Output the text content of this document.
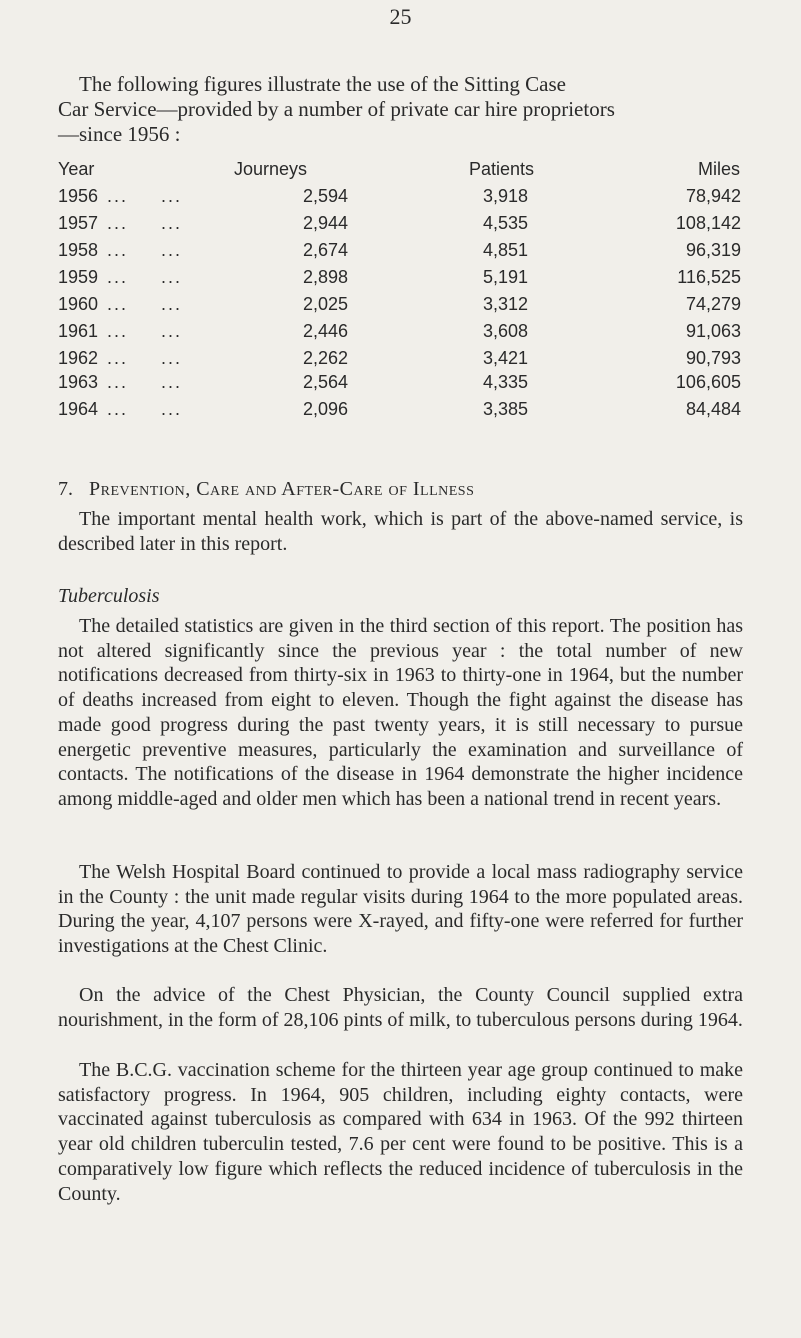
25

The following figures illustrate the use of the Sitting Case
Car Service—provided by a number of private car hire proprietors
—since 1956 :

Year	Journeys	Patients	Miles
1956 ... ...	2,594	3,918	78,942
1957 ... ...	2,944	4,535	108,142
1958 ... ...	2,674	4,851	96,319
1959 ... ...	2,898	5,191	116,525
1960 ... ...	2,025	3,312	74,279
1961 ... ...	2,446	3,608	91,063
1962 ... ...	2,262	3,421	90,793
1963 ... ...	2,564	4,335	106,605
1964 ... ...	2,096	3,385	84,484
7. Prevention, Care and After-Care of Illness

The important mental health work, which is part of the above-named service, is described later in this report.

Tuberculosis

The detailed statistics are given in the third section of this report. The position has not altered significantly since the previous year : the total number of new notifications decreased from thirty-six in 1963 to thirty-one in 1964, but the number of deaths increased from eight to eleven. Though the fight against the disease has made good progress during the past twenty years, it is still necessary to pursue energetic preventive measures, particularly the examination and surveillance of contacts. The notifications of the disease in 1964 demonstrate the higher incidence among middle-aged and older men which has been a national trend in recent years.

The Welsh Hospital Board continued to provide a local mass radiography service in the County : the unit made regular visits during 1964 to the more populated areas. During the year, 4,107 persons were X-rayed, and fifty-one were referred for further investigations at the Chest Clinic.

On the advice of the Chest Physician, the County Council supplied extra nourishment, in the form of 28,106 pints of milk, to tuberculous persons during 1964.

The B.C.G. vaccination scheme for the thirteen year age group continued to make satisfactory progress. In 1964, 905 children, including eighty contacts, were vaccinated against tuberculosis as compared with 634 in 1963. Of the 992 thirteen year old children tuberculin tested, 7.6 per cent were found to be positive. This is a comparatively low figure which reflects the reduced incidence of tuberculosis in the County.
